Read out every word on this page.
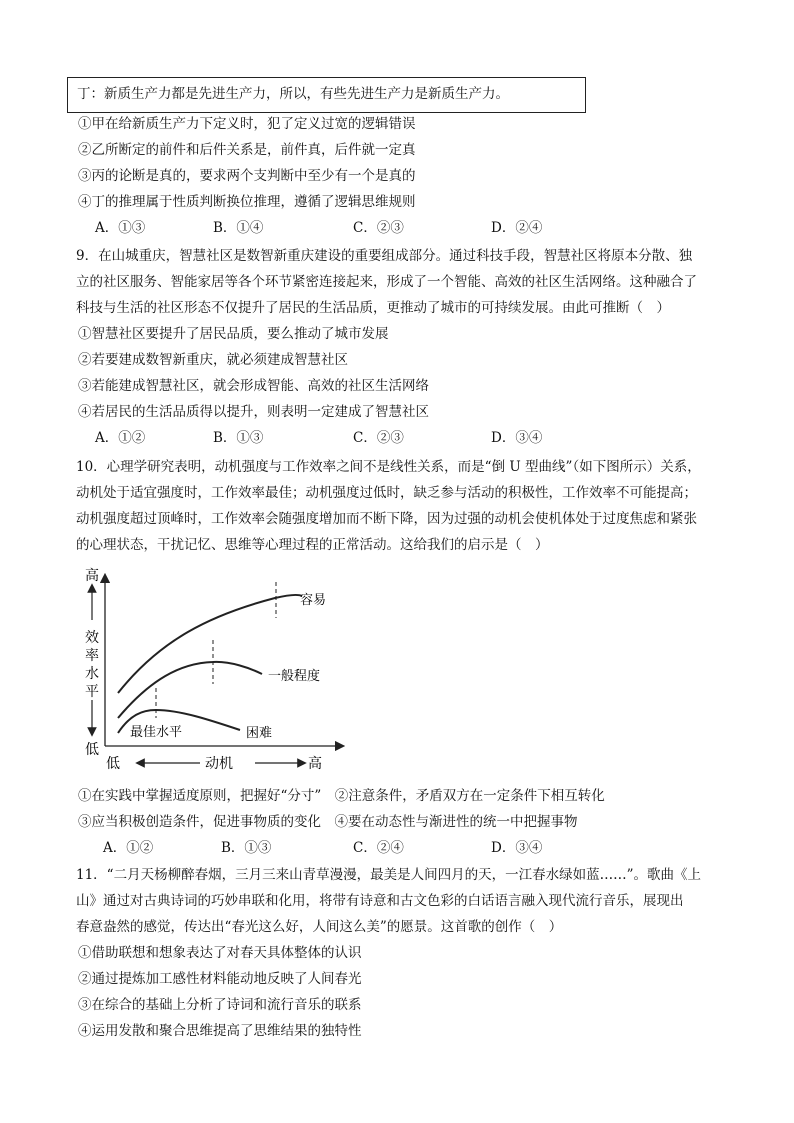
丁：新质生产力都是先进生产力，所以，有些先进生产力是新质生产力。
①甲在给新质生产力下定义时，犯了定义过宽的逻辑错误
②乙所断定的前件和后件关系是，前件真，后件就一定真
③丙的论断是真的，要求两个支判断中至少有一个是真的
④丁的推理属于性质判断换位推理，遵循了逻辑思维规则
A．①③	B．①④	C．②③	D．②④
9．在山城重庆，智慧社区是数智新重庆建设的重要组成部分。通过科技手段，智慧社区将原本分散、独
立的社区服务、智能家居等各个环节紧密连接起来，形成了一个智能、高效的社区生活网络。这种融合了
科技与生活的社区形态不仅提升了居民的生活品质，更推动了城市的可持续发展。由此可推断（　）
①智慧社区要提升了居民品质，要么推动了城市发展
②若要建成数智新重庆，就必须建成智慧社区
③若能建成智慧社区，就会形成智能、高效的社区生活网络
④若居民的生活品质得以提升，则表明一定建成了智慧社区
A．①②	B．①③	C．②③	D．③④
10．心理学研究表明，动机强度与工作效率之间不是线性关系，而是“倒 U 型曲线”（如下图所示）关系，
动机处于适宜强度时，工作效率最佳；动机强度过低时，缺乏参与活动的积极性，工作效率不可能提高；
动机强度超过顶峰时，工作效率会随强度增加而不断下降，因为过强的动机会使机体处于过度焦虑和紧张
的心理状态，干扰记忆、思维等心理过程的正常活动。这给我们的启示是（　）
高
效
率
水
平
低
低	动机	高
容易
一般程度
困难
最佳水平
①在实践中掌握适度原则，把握好“分寸”　②注意条件，矛盾双方在一定条件下相互转化
③应当积极创造条件，促进事物质的变化　④要在动态性与渐进性的统一中把握事物
A．①②	B．①③	C．②④	D．③④
11．“二月天杨柳醉春烟，三月三来山青草漫漫，最美是人间四月的天，一江春水绿如蓝……”。歌曲《上
山》通过对古典诗词的巧妙串联和化用，将带有诗意和古文色彩的白话语言融入现代流行音乐，展现出
春意盎然的感觉，传达出“春光这么好，人间这么美”的愿景。这首歌的创作（　）
①借助联想和想象表达了对春天具体整体的认识
②通过提炼加工感性材料能动地反映了人间春光
③在综合的基础上分析了诗词和流行音乐的联系
④运用发散和聚合思维提高了思维结果的独特性
